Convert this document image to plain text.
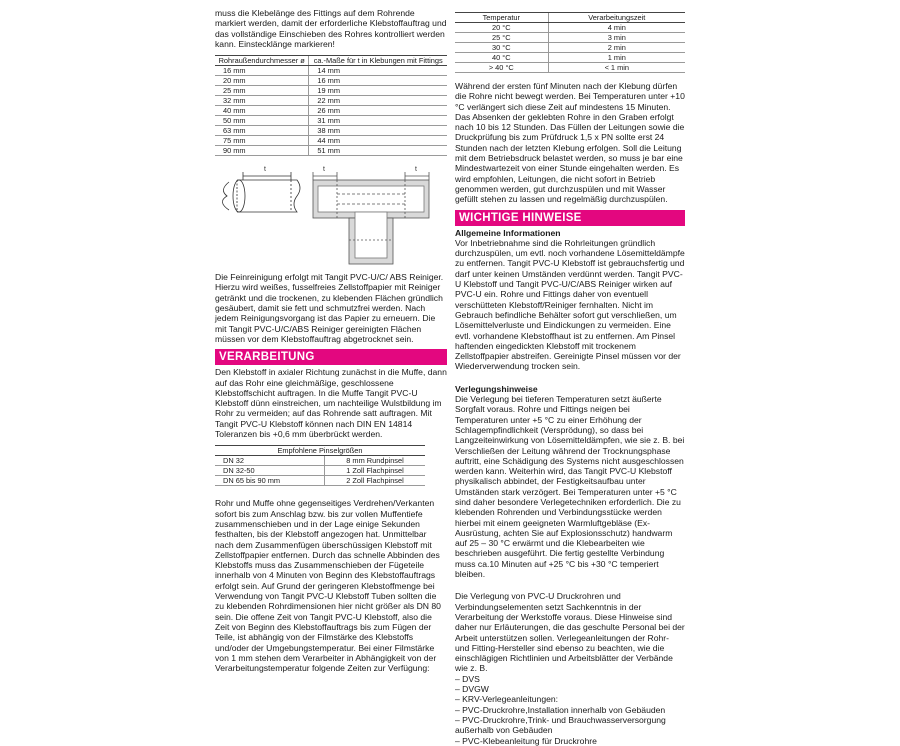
muss die Klebelänge des Fittings auf dem Rohrende markiert werden, damit der erforderliche Klebstoffauftrag und das vollständige Einschieben des Rohres kontrolliert werden kann. Einstecklänge markieren!

Rohraußendurchmesser ø	ca.-Maße für t in Klebungen mit Fittings
16 mm	14 mm
20 mm	16 mm
25 mm	19 mm
32 mm	22 mm
40 mm	26 mm
50 mm	31 mm
63 mm	38 mm
75 mm	44 mm
90 mm	51 mm
t	t	t

Die Feinreinigung erfolgt mit Tangit PVC-U/C/ ABS Reiniger. Hierzu wird weißes, fusselfreies Zellstoffpapier mit Reiniger getränkt und die trockenen, zu klebenden Flächen gründlich gesäubert, damit sie fett und schmutzfrei werden. Nach jedem Reinigungsvorgang ist das Papier zu erneuern. Die mit Tangit PVC-U/C/ABS Reiniger gereinigten Flächen müssen vor dem Klebstoffauftrag abgetrocknet sein.

VERARBEITUNG

Den Klebstoff in axialer Richtung zunächst in die Muffe, dann auf das Rohr eine gleichmäßige, geschlossene Klebstoffschicht auftragen. In die Muffe Tangit PVC-U Klebstoff dünn einstreichen, um nachteilige Wulstbildung im Rohr zu vermeiden; auf das Rohrende satt auftragen. Mit Tangit PVC-U Klebstoff können nach DIN EN 14814 Toleranzen bis +0,6 mm überbrückt werden.

Empfohlene Pinselgrößen	
DN 32	8 mm Rundpinsel
DN 32-50	1 Zoll Flachpinsel
DN 65 bis 90 mm	2 Zoll Flachpinsel

Rohr und Muffe ohne gegenseitiges Verdrehen/Verkanten sofort bis zum Anschlag bzw. bis zur vollen Muffentiefe zusammenschieben und in der Lage einige Sekunden festhalten, bis der Klebstoff angezogen hat. Unmittelbar nach dem Zusammenfügen überschüssigen Klebstoff mit Zellstoffpapier entfernen. Durch das schnelle Abbinden des Klebstoffs muss das Zusammenschieben der Fügeteile innerhalb von 4 Minuten von Beginn des Klebstoffauftrags erfolgt sein. Auf Grund der geringeren Klebstoffmenge bei Verwendung von Tangit PVC-U Klebstoff Tuben sollten die zu klebenden Rohrdimensionen hier nicht größer als DN 80 sein. Die offene Zeit von Tangit PVC-U Klebstoff, also die Zeit von Beginn des Klebstoffauftrags bis zum Fügen der Teile, ist abhängig von der Filmstärke des Klebstoffs und/oder der Umgebungstemperatur. Bei einer Filmstärke von 1 mm stehen dem Verarbeiter in Abhängigkeit von der Verarbeitungstemperatur folgende Zeiten zur Verfügung:

Temperatur	Verarbeitungszeit
20 °C	4 min
25 °C	3 min
30 °C	2 min
40 °C	1 min
> 40 °C	< 1 min

Während der ersten fünf Minuten nach der Klebung dürfen die Rohre nicht bewegt werden. Bei Temperaturen unter +10 °C verlängert sich diese Zeit auf mindestens 15 Minuten. Das Absenken der geklebten Rohre in den Graben erfolgt nach 10 bis 12 Stunden. Das Füllen der Leitungen sowie die Druckprüfung bis zum Prüfdruck 1,5 x PN sollte erst 24 Stunden nach der letzten Klebung erfolgen. Soll die Leitung mit dem Betriebsdruck belastet werden, so muss je bar eine Mindestwartezeit von einer Stunde eingehalten werden. Es wird empfohlen, Leitungen, die nicht sofort in Betrieb genommen werden, gut durchzuspülen und mit Wasser gefüllt stehen zu lassen und regelmäßig durchzuspülen.

WICHTIGE HINWEISE

Allgemeine Informationen

Vor Inbetriebnahme sind die Rohrleitungen gründlich durchzuspülen, um evtl. noch vorhandene Lösemitteldämpfe zu entfernen. Tangit PVC-U Klebstoff ist gebrauchsfertig und darf unter keinen Umständen verdünnt werden. Tangit PVC-U Klebstoff und Tangit PVC-U/C/ABS Reiniger wirken auf PVC-U ein. Rohre und Fittings daher von eventuell verschütteten Klebstoff/Reiniger fernhalten. Nicht im Gebrauch befindliche Behälter sofort gut verschließen, um Lösemittelverluste und Eindickungen zu vermeiden. Eine evtl. vorhandene Klebstoffhaut ist zu entfernen. Am Pinsel haftenden eingedickten Klebstoff mit trockenem Zellstoffpapier abstreifen. Gereinigte Pinsel müssen vor der Wiederverwendung trocken sein.

Verlegungshinweise

Die Verlegung bei tieferen Temperaturen setzt äußerte Sorgfalt voraus. Rohre und Fittings neigen bei Temperaturen unter +5 °C zu einer Erhöhung der Schlagempfindlichkeit (Versprödung), so dass bei Langzeiteinwirkung von Lösemitteldämpfen, wie sie z. B. bei Verschließen der Leitung während der Trocknungsphase auftritt, eine Schädigung des Systems nicht ausgeschlossen werden kann. Weiterhin wird, das Tangit PVC-U Klebstoff physikalisch abbindet, der Festigkeitsaufbau unter Umständen stark verzögert. Bei Temperaturen unter +5 °C sind daher besondere Verlegetechniken erforderlich. Die zu klebenden Rohrenden und Verbindungsstücke werden hierbei mit einem geeigneten Warmluftgebläse (Ex-Ausrüstung, achten Sie auf Explosionsschutz) handwarm auf 25 – 30 °C erwärmt und die Klebearbeiten wie beschrieben ausgeführt. Die fertig gestellte Verbindung muss ca.10 Minuten auf +25 °C bis +30 °C temperiert bleiben.

Die Verlegung von PVC-U Druckrohren und Verbindungselementen setzt Sachkenntnis in der Verarbeitung der Werkstoffe voraus. Diese Hinweise sind daher nur Erläuterungen, die das geschulte Personal bei der Arbeit unterstützen sollen. Verlegeanleitungen der Rohr- und Fitting-Hersteller sind ebenso zu beachten, wie die einschlägigen Richtlinien und Arbeitsblätter der Verbände wie z. B.

– DVS
– DVGW
– KRV-Verlegeanleitungen:
– PVC-Druckrohre,Installation innerhalb von Gebäuden
– PVC-Druckrohre,Trink- und Brauchwasserversorgung außerhalb von Gebäuden
– PVC-Klebeanleitung für Druckrohre
